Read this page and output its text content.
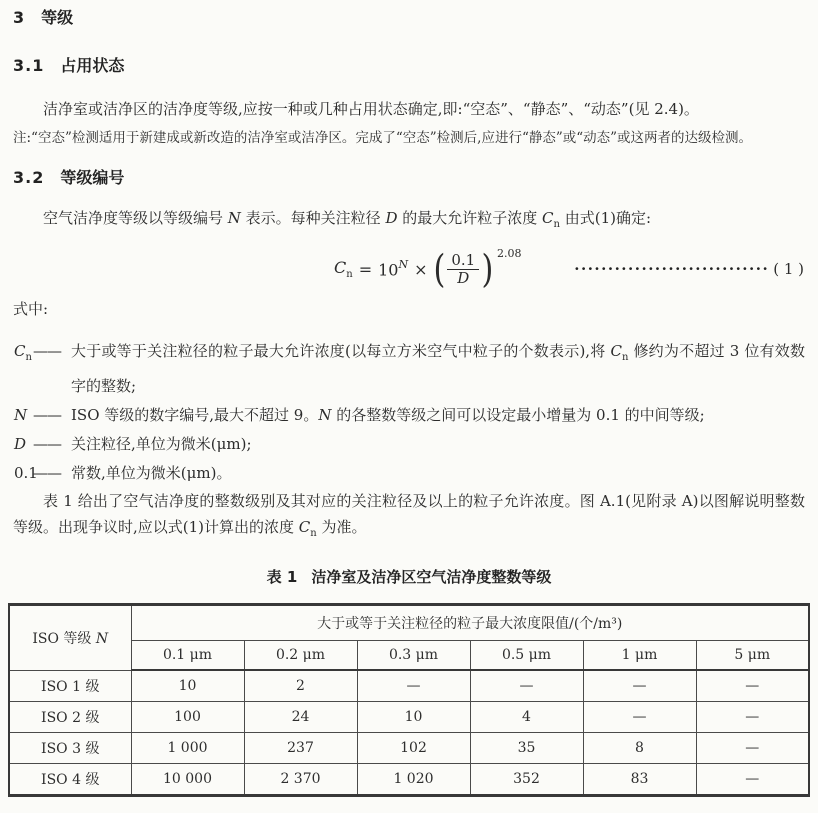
3 等级
3.1 占用状态

洁净室或洁净区的洁净度等级,应按一种或几种占用状态确定,即:“空态”、“静态”、“动态”(见 2.4)。

注:“空态”检测适用于新建成或新改造的洁净室或洁净区。完成了“空态”检测后,应进行“静态”或“动态”或这两者的达级检测。

3.2 等级编号

空气洁净度等级以等级编号 N 表示。每种关注粒径 D 的最大允许粒子浓度 $C_n$ 由式(1)确定:

$C_n = 10^N$ × ( $\frac{0.1}{D}$ ) 2.08
····························· ( 1 )

式中:

$C_n$ —— 大于或等于关注粒径的粒子最大允许浓度(以每立方米空气中粒子的个数表示),将 $C_n$ 修约为不超过 3 位有效数字的整数;
N —— ISO 等级的数字编号,最大不超过 9。N 的各整数等级之间可以设定最小增量为 0.1 的中间等级;
D —— 关注粒径,单位为微米(μm);
0.1
—— 常数,单位为微米(μm)。

表 1 给出了空气洁净度的整数级别及其对应的关注粒径及以上的粒子允许浓度。图 A.1(见附录 A)以图解说明整数等级。出现争议时,应以式(1)计算出的浓度 $C_n$ 为准。

表 1 洁净室及洁净区空气洁净度整数等级
ISO 等级 N	大于或等于关注粒径的粒子最大浓度限值/(个/m³)					
	0.1 μm	0.2 μm	0.3 μm	0.5 μm	1 μm	5 μm
ISO 1 级	10	2	—	—	—	—
ISO 2 级	100	24	10	4	—	—
ISO 3 级	1 000	237	102	35	8	—
ISO 4 级	10 000	2 370	1 020	352	83	—
